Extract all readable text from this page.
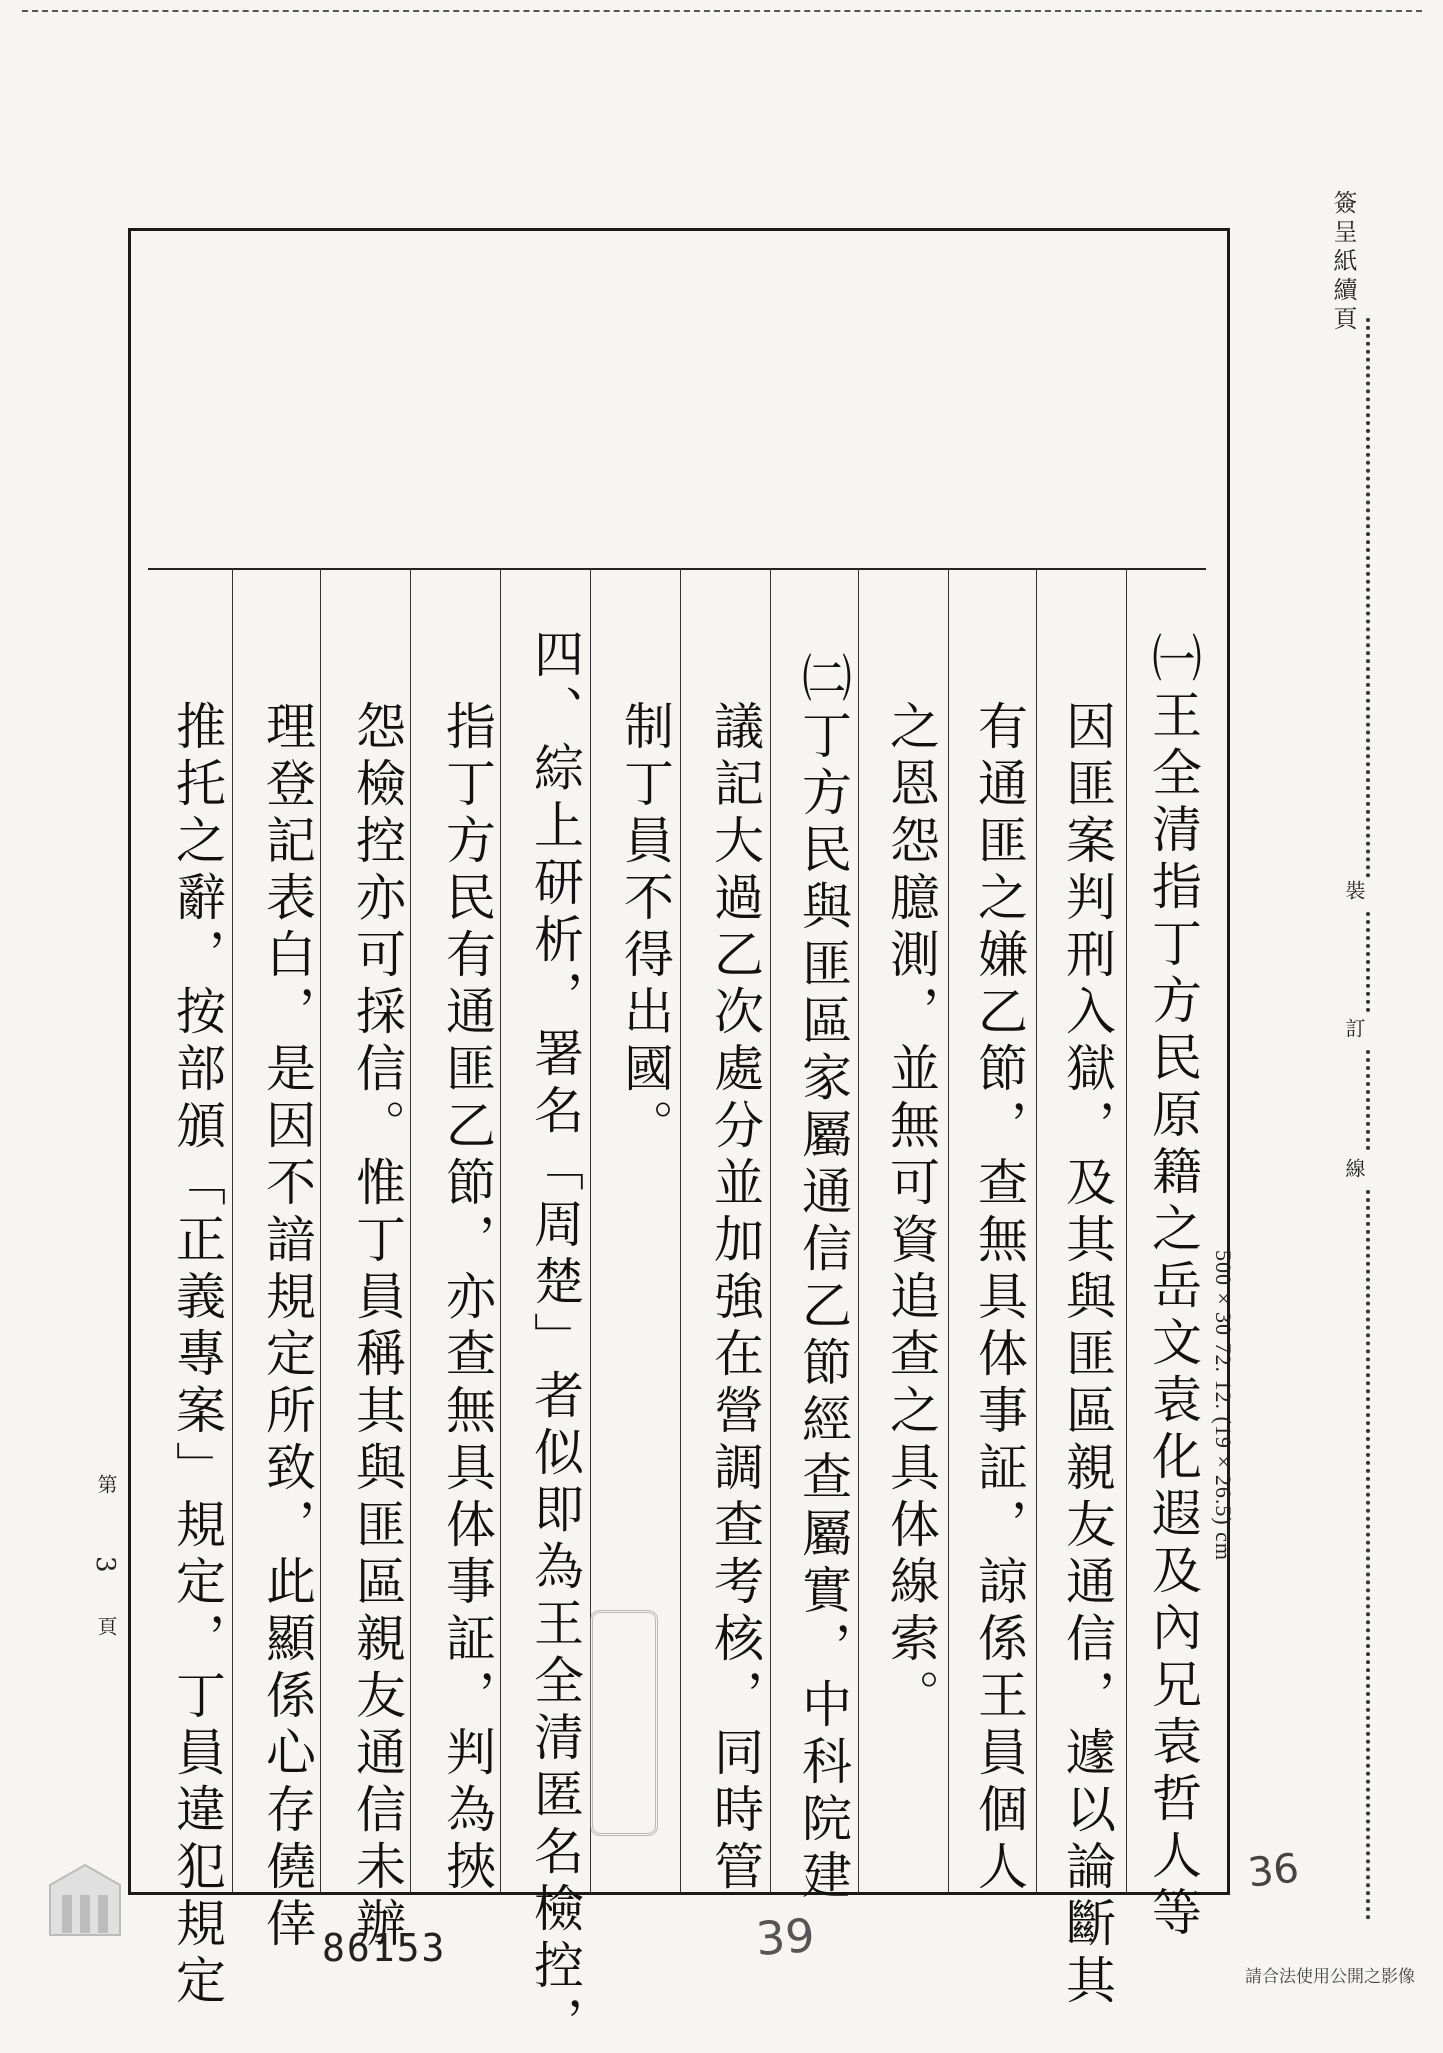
簽呈紙續頁
裝
訂
線
500×30 72. 12. (19×26.5) cm
㈠王全清指丁方民原籍之岳文袁化遐及內兄袁哲人等
因匪案判刑入獄，及其與匪區親友通信，遽以論斷其
有通匪之嫌乙節，查無具体事証，諒係王員個人
之恩怨臆測，並無可資追查之具体線索。
㈡丁方民與匪區家屬通信乙節經查屬實，中科院建
議記大過乙次處分並加強在營調查考核，同時管
制丁員不得出國。
四、綜上研析，署名「周楚」者似即為王全清匿名檢控，
指丁方民有通匪乙節，亦查無具体事証，判為挾
怨檢控亦可採信。惟丁員稱其與匪區親友通信未辦
理登記表白，是因不諳規定所致，此顯係心存僥倖
推托之辭，按部頒「正義專案」規定，丁員違犯規定
第
3
頁
86153	39
36
請合法使用公開之影像
